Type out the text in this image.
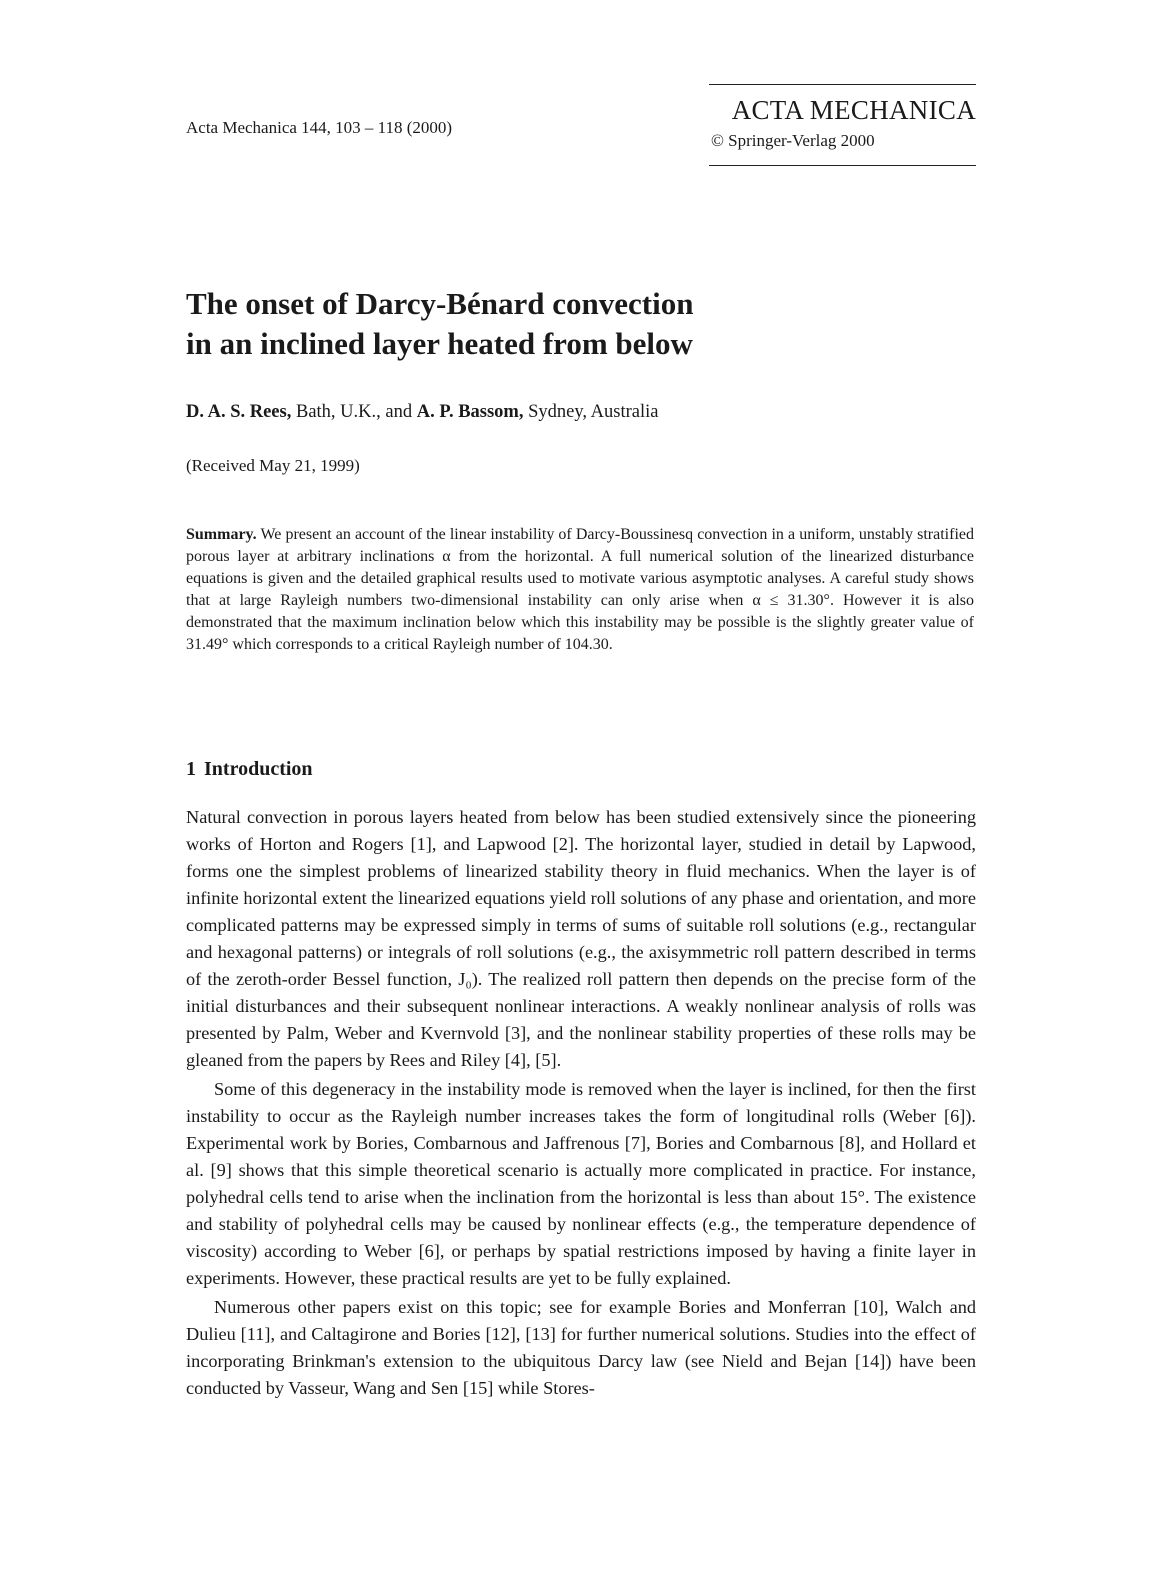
Acta Mechanica 144, 103 – 118 (2000)
ACTA MECHANICA
© Springer-Verlag 2000
The onset of Darcy-Bénard convection
in an inclined layer heated from below
D. A. S. Rees, Bath, U.K., and A. P. Bassom, Sydney, Australia
(Received May 21, 1999)

Summary. We present an account of the linear instability of Darcy-Boussinesq convection in a uniform, unstably stratified porous layer at arbitrary inclinations α from the horizontal. A full numerical solution of the linearized disturbance equations is given and the detailed graphical results used to motivate various asymptotic analyses. A careful study shows that at large Rayleigh numbers two-dimensional instability can only arise when α ≤ 31.30°. However it is also demonstrated that the maximum inclination below which this instability may be possible is the slightly greater value of 31.49° which corresponds to a critical Rayleigh number of 104.30.

1 Introduction

Natural convection in porous layers heated from below has been studied extensively since the pioneering works of Horton and Rogers [1], and Lapwood [2]. The horizontal layer, studied in detail by Lapwood, forms one the simplest problems of linearized stability theory in fluid mechanics. When the layer is of infinite horizontal extent the linearized equations yield roll solutions of any phase and orientation, and more complicated patterns may be expressed simply in terms of sums of suitable roll solutions (e.g., rectangular and hexagonal patterns) or integrals of roll solutions (e.g., the axisymmetric roll pattern described in terms of the zeroth-order Bessel function, J₀). The realized roll pattern then depends on the precise form of the initial disturbances and their subsequent nonlinear interactions. A weakly nonlinear analysis of rolls was presented by Palm, Weber and Kvernvold [3], and the nonlinear stability properties of these rolls may be gleaned from the papers by Rees and Riley [4], [5].

Some of this degeneracy in the instability mode is removed when the layer is inclined, for then the first instability to occur as the Rayleigh number increases takes the form of longitudinal rolls (Weber [6]). Experimental work by Bories, Combarnous and Jaffrenous [7], Bories and Combarnous [8], and Hollard et al. [9] shows that this simple theoretical scenario is actually more complicated in practice. For instance, polyhedral cells tend to arise when the inclination from the horizontal is less than about 15°. The existence and stability of polyhedral cells may be caused by nonlinear effects (e.g., the temperature dependence of viscosity) according to Weber [6], or perhaps by spatial restrictions imposed by having a finite layer in experiments. However, these practical results are yet to be fully explained.

Numerous other papers exist on this topic; see for example Bories and Monferran [10], Walch and Dulieu [11], and Caltagirone and Bories [12], [13] for further numerical solutions. Studies into the effect of incorporating Brinkman's extension to the ubiquitous Darcy law (see Nield and Bejan [14]) have been conducted by Vasseur, Wang and Sen [15] while Stores-
